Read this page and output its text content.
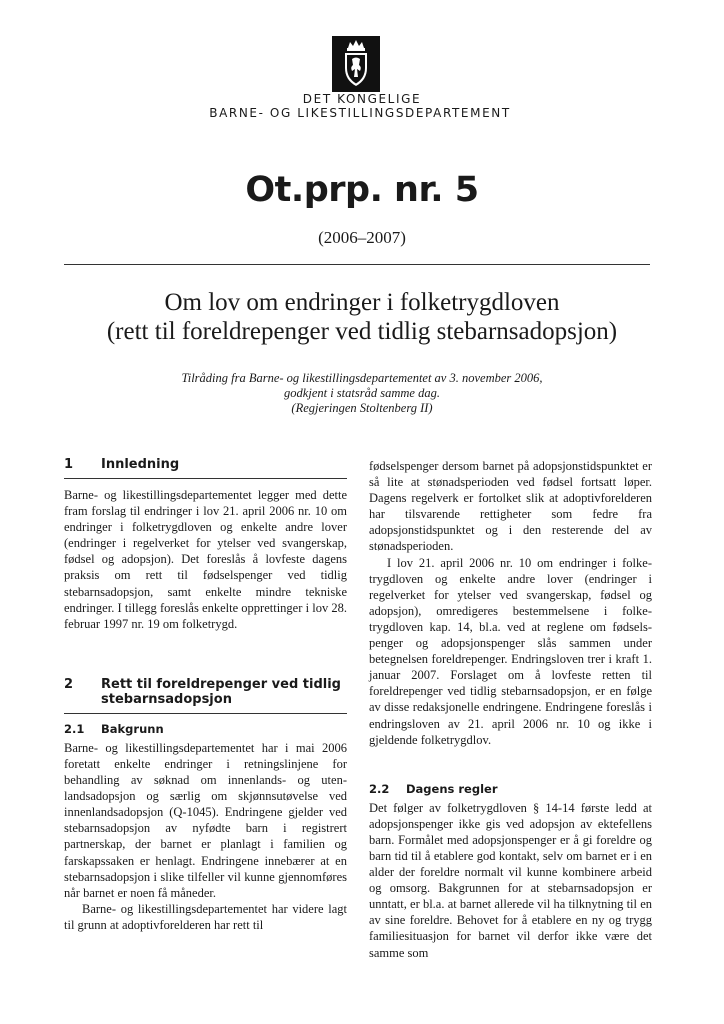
DET KONGELIGE
BARNE- OG LIKESTILLINGSDEPARTEMENT
Ot.prp. nr. 5
(2006–2007)
Om lov om endringer i folketrygdloven
(rett til foreldrepenger ved tidlig stebarnsadopsjon)
Tilråding fra Barne- og likestillingsdepartementet av 3. november 2006,
godkjent i statsråd samme dag.
(Regjeringen Stoltenberg II)
1	Innledning

Barne- og likestillingsdepartementet legger med dette fram forslag til endringer i lov 21. april 2006 nr. 10 om endringer i folketrygdloven og enkelte andre lover (endringer i regelverket for ytelser ved svangerskap, fødsel og adopsjon). Det foreslås å lovfeste dagens praksis om rett til fødselspenger ved tidlig stebarnsadopsjon, samt enkelte mindre tekniske endringer. I tillegg foreslås enkelte opprettinger i lov 28. februar 1997 nr. 19 om folketrygd.

2	Rett til foreldrepenger ved tidlig stebarnsadopsjon
2.1	Bakgrunn

Barne- og likestillingsdepartementet har i mai 2006 foretatt enkelte endringer i retningslinjene for behandling av søknad om innenlands- og utenlandsadopsjon og særlig om skjønnsutøvelse ved innenlandsadopsjon (Q-1045). Endringene gjelder ved stebarnsadopsjon av nyfødte barn i registrert partnerskap, der barnet er planlagt i familien og farskapssaken er henlagt. Endringene innebærer at en stebarnsadopsjon i slike tilfeller vil kunne gjennomføres når barnet er noen få måneder.

Barne- og likestillingsdepartementet har videre lagt til grunn at adoptivforelderen har rett til

fødselspenger dersom barnet på adopsjonstidspunktet er så lite at stønadsperioden ved fødsel fortsatt løper. Dagens regelverk er fortolket slik at adoptivforelderen har tilsvarende rettigheter som fedre fra adopsjonstidspunktet og i den resterende del av stønadsperioden.

I lov 21. april 2006 nr. 10 om endringer i folketrygdloven og enkelte andre lover (endringer i regelverket for ytelser ved svangerskap, fødsel og adopsjon), omredigeres bestemmelsene i folketrygdloven kap. 14, bl.a. ved at reglene om fødselspenger og adopsjonspenger slås sammen under betegnelsen foreldrepenger. Endringsloven trer i kraft 1. januar 2007. Forslaget om å lovfeste retten til foreldrepenger ved tidlig stebarnsadopsjon, er en følge av disse redaksjonelle endringene. Endringene foreslås i endringsloven av 21. april 2006 nr. 10 og ikke i gjeldende folketrygdlov.

2.2	Dagens regler

Det følger av folketrygdloven § 14-14 første ledd at adopsjonspenger ikke gis ved adopsjon av ektefellens barn. Formålet med adopsjonspenger er å gi foreldre og barn tid til å etablere god kontakt, selv om barnet er i en alder der foreldre normalt vil kunne kombinere arbeid og omsorg. Bakgrunnen for at stebarnsadopsjon er unntatt, er bl.a. at barnet allerede vil ha tilknytning til en av sine foreldre. Behovet for å etablere en ny og trygg familiesituasjon for barnet vil derfor ikke være det samme som
